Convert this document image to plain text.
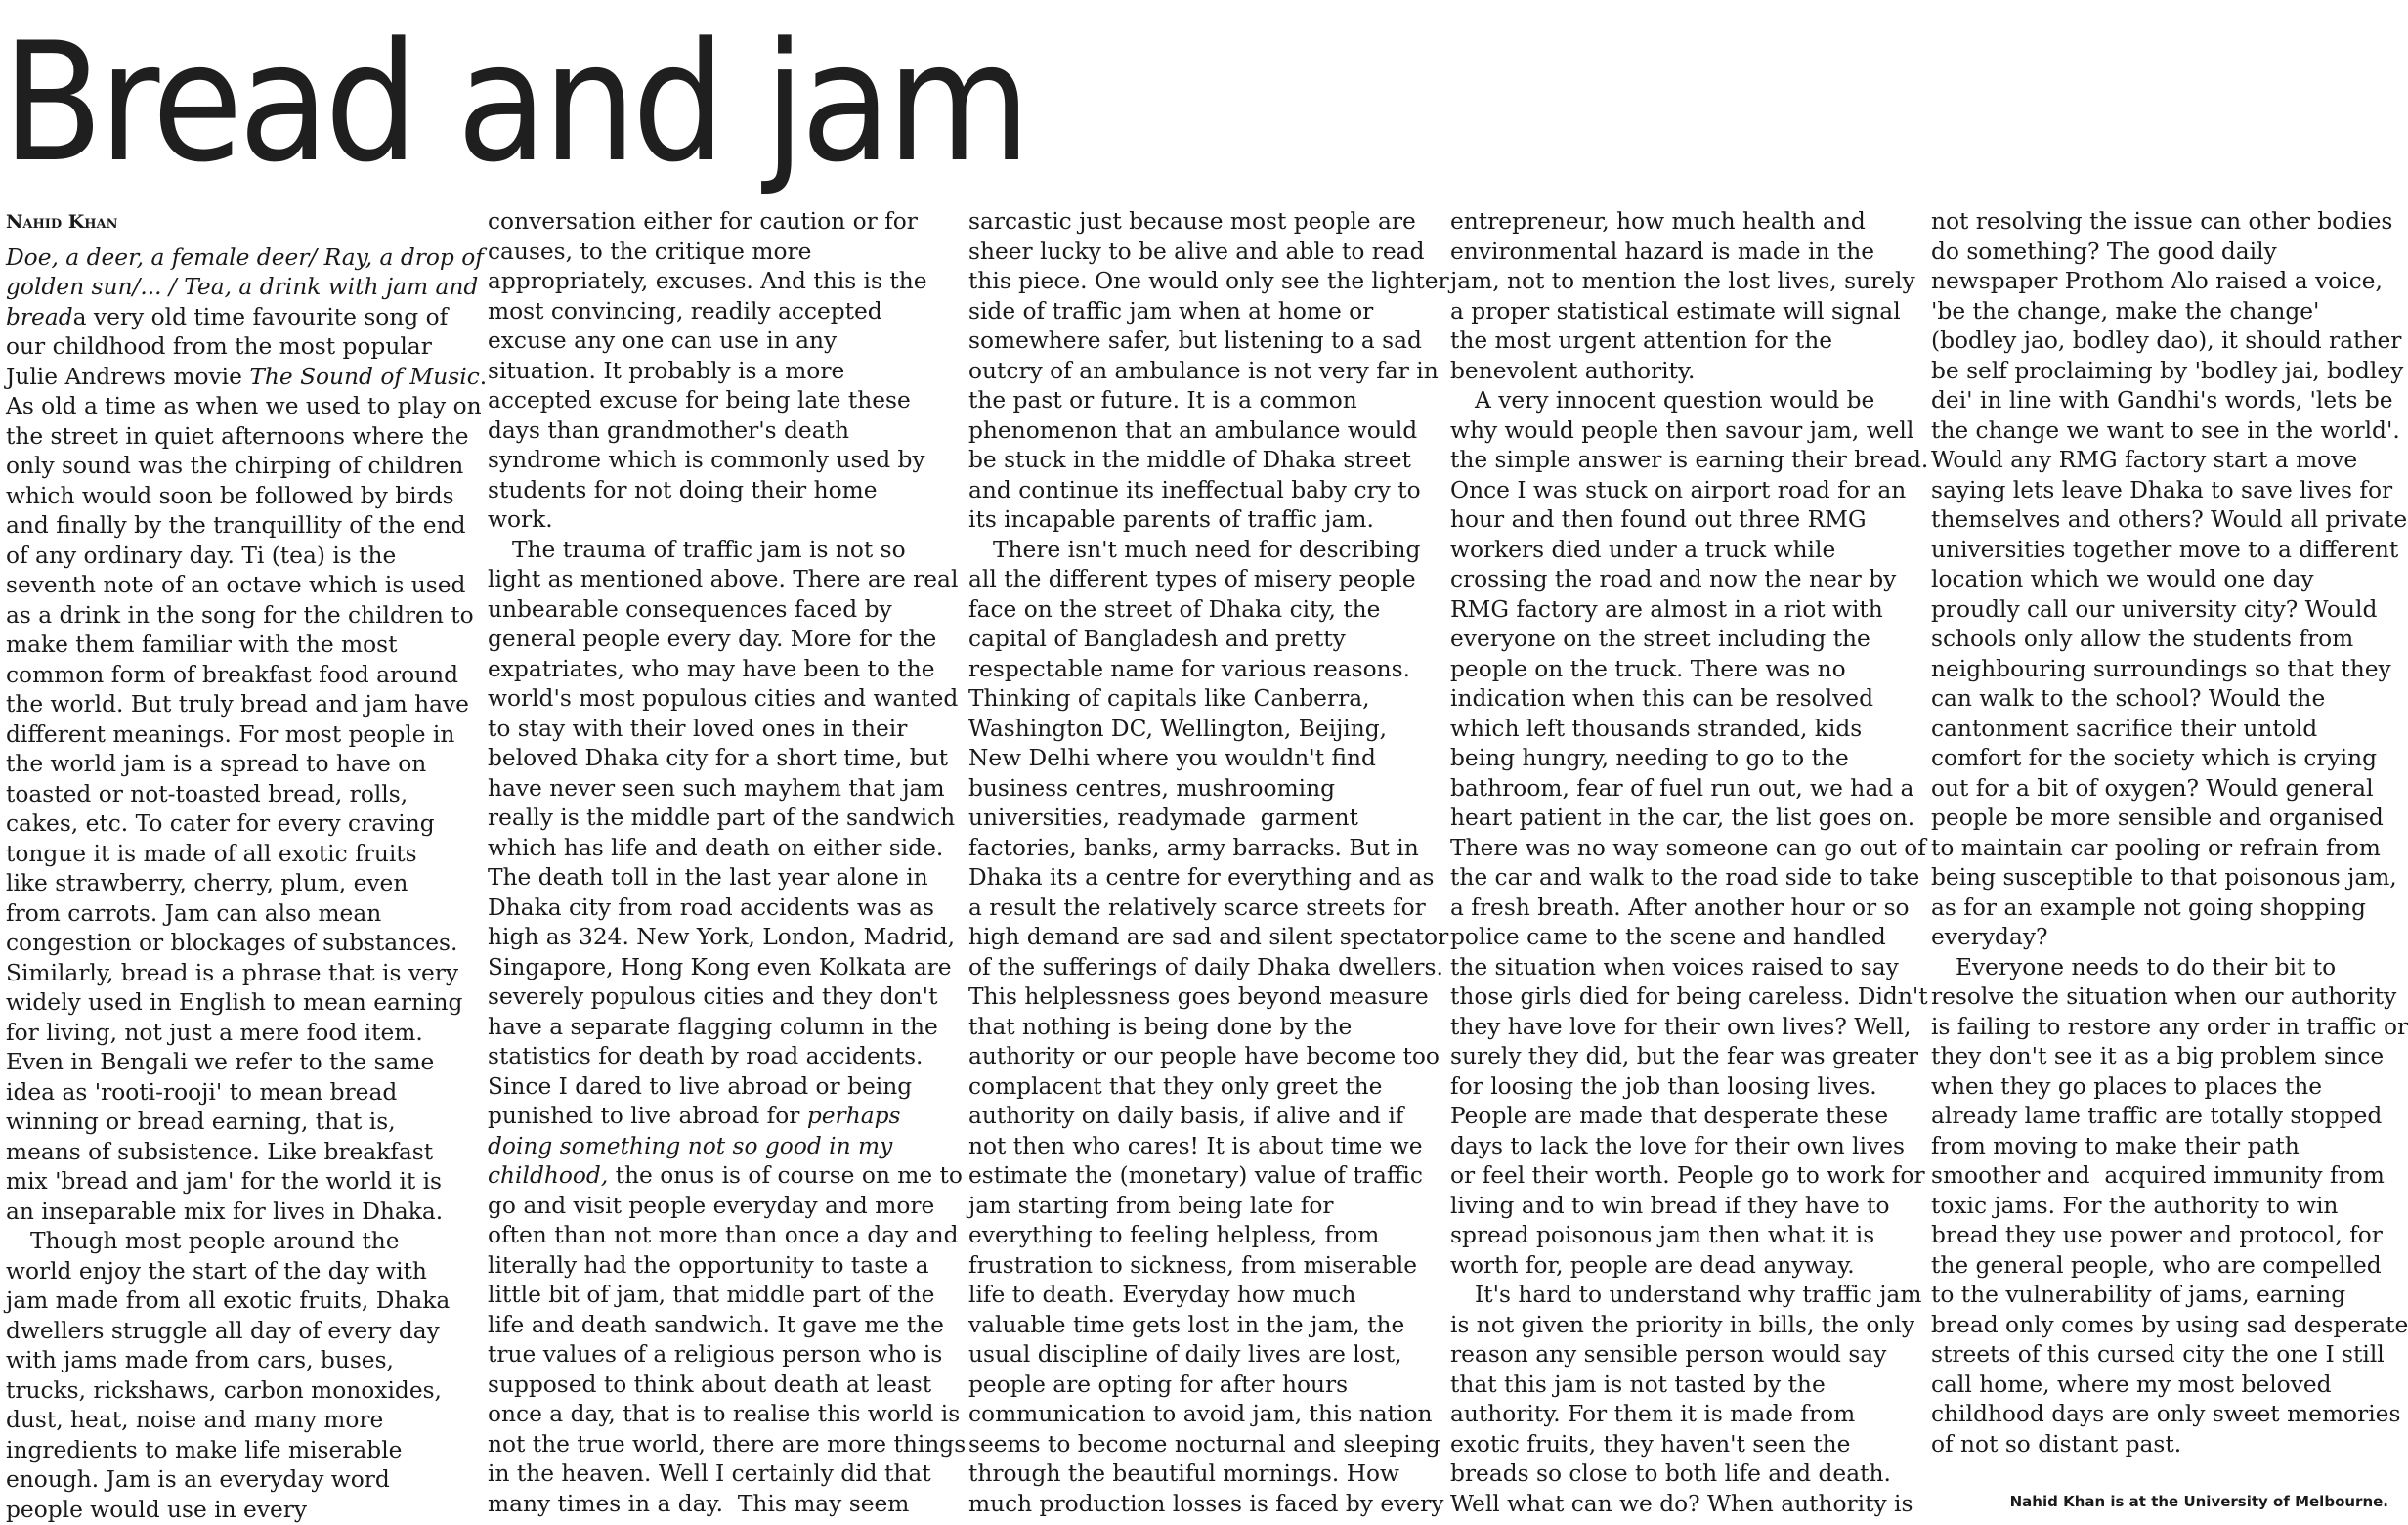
Bread and jam

Nahid Khan

Doe, a deer, a female deer/ Ray, a drop of
golden sun/... / Tea, a drink with jam and
breada very old time favourite song of
our childhood from the most popular
Julie Andrews movie The Sound of Music.
As old a time as when we used to play on
the street in quiet afternoons where the
only sound was the chirping of children
which would soon be followed by birds
and finally by the tranquillity of the end
of any ordinary day. Ti (tea) is the
seventh note of an octave which is used
as a drink in the song for the children to
make them familiar with the most
common form of breakfast food around
the world. But truly bread and jam have
different meanings. For most people in
the world jam is a spread to have on
toasted or not-toasted bread, rolls,
cakes, etc. To cater for every craving
tongue it is made of all exotic fruits
like strawberry, cherry, plum, even
from carrots. Jam can also mean
congestion or blockages of substances.
Similarly, bread is a phrase that is very
widely used in English to mean earning
for living, not just a mere food item.
Even in Bengali we refer to the same
idea as 'rooti-rooji' to mean bread
winning or bread earning, that is,
means of subsistence. Like breakfast
mix 'bread and jam' for the world it is
an inseparable mix for lives in Dhaka.

Though most people around the
world enjoy the start of the day with
jam made from all exotic fruits, Dhaka
dwellers struggle all day of every day
with jams made from cars, buses,
trucks, rickshaws, carbon monoxides,
dust, heat, noise and many more
ingredients to make life miserable
enough. Jam is an everyday word
people would use in every

conversation either for caution or for
causes, to the critique more
appropriately, excuses. And this is the
most convincing, readily accepted
excuse any one can use in any
situation. It probably is a more
accepted excuse for being late these
days than grandmother's death
syndrome which is commonly used by
students for not doing their home
work.

The trauma of traffic jam is not so
light as mentioned above. There are real
unbearable consequences faced by
general people every day. More for the
expatriates, who may have been to the
world's most populous cities and wanted
to stay with their loved ones in their
beloved Dhaka city for a short time, but
have never seen such mayhem that jam
really is the middle part of the sandwich
which has life and death on either side.
The death toll in the last year alone in
Dhaka city from road accidents was as
high as 324. New York, London, Madrid,
Singapore, Hong Kong even Kolkata are
severely populous cities and they don't
have a separate flagging column in the
statistics for death by road accidents.
Since I dared to live abroad or being
punished to live abroad for perhaps
doing something not so good in my
childhood, the onus is of course on me to
go and visit people everyday and more
often than not more than once a day and
literally had the opportunity to taste a
little bit of jam, that middle part of the
life and death sandwich. It gave me the
true values of a religious person who is
supposed to think about death at least
once a day, that is to realise this world is
not the true world, there are more things
in the heaven. Well I certainly did that
many times in a day.  This may seem

sarcastic just because most people are
sheer lucky to be alive and able to read
this piece. One would only see the lighter
side of traffic jam when at home or
somewhere safer, but listening to a sad
outcry of an ambulance is not very far in
the past or future. It is a common
phenomenon that an ambulance would
be stuck in the middle of Dhaka street
and continue its ineffectual baby cry to
its incapable parents of traffic jam.

There isn't much need for describing
all the different types of misery people
face on the street of Dhaka city, the
capital of Bangladesh and pretty
respectable name for various reasons.
Thinking of capitals like Canberra,
Washington DC, Wellington, Beijing,
New Delhi where you wouldn't find
business centres, mushrooming
universities, readymade  garment
factories, banks, army barracks. But in
Dhaka its a centre for everything and as
a result the relatively scarce streets for
high demand are sad and silent spectator
of the sufferings of daily Dhaka dwellers.
This helplessness goes beyond measure
that nothing is being done by the
authority or our people have become too
complacent that they only greet the
authority on daily basis, if alive and if
not then who cares! It is about time we
estimate the (monetary) value of traffic
jam starting from being late for
everything to feeling helpless, from
frustration to sickness, from miserable
life to death. Everyday how much
valuable time gets lost in the jam, the
usual discipline of daily lives are lost,
people are opting for after hours
communication to avoid jam, this nation
seems to become nocturnal and sleeping
through the beautiful mornings. How
much production losses is faced by every

entrepreneur, how much health and
environmental hazard is made in the
jam, not to mention the lost lives, surely
a proper statistical estimate will signal
the most urgent attention for the
benevolent authority.

A very innocent question would be
why would people then savour jam, well
the simple answer is earning their bread.
Once I was stuck on airport road for an
hour and then found out three RMG
workers died under a truck while
crossing the road and now the near by
RMG factory are almost in a riot with
everyone on the street including the
people on the truck. There was no
indication when this can be resolved
which left thousands stranded, kids
being hungry, needing to go to the
bathroom, fear of fuel run out, we had a
heart patient in the car, the list goes on.
There was no way someone can go out of
the car and walk to the road side to take
a fresh breath. After another hour or so
police came to the scene and handled
the situation when voices raised to say
those girls died for being careless. Didn't
they have love for their own lives? Well,
surely they did, but the fear was greater
for loosing the job than loosing lives.
People are made that desperate these
days to lack the love for their own lives
or feel their worth. People go to work for
living and to win bread if they have to
spread poisonous jam then what it is
worth for, people are dead anyway.

It's hard to understand why traffic jam
is not given the priority in bills, the only
reason any sensible person would say
that this jam is not tasted by the
authority. For them it is made from
exotic fruits, they haven't seen the
breads so close to both life and death.
Well what can we do? When authority is

not resolving the issue can other bodies
do something? The good daily
newspaper Prothom Alo raised a voice,
'be the change, make the change'
(bodley jao, bodley dao), it should rather
be self proclaiming by 'bodley jai, bodley
dei' in line with Gandhi's words, 'lets be
the change we want to see in the world'.
Would any RMG factory start a move
saying lets leave Dhaka to save lives for
themselves and others? Would all private
universities together move to a different
location which we would one day
proudly call our university city? Would
schools only allow the students from
neighbouring surroundings so that they
can walk to the school? Would the
cantonment sacrifice their untold
comfort for the society which is crying
out for a bit of oxygen? Would general
people be more sensible and organised
to maintain car pooling or refrain from
being susceptible to that poisonous jam,
as for an example not going shopping
everyday?

Everyone needs to do their bit to
resolve the situation when our authority
is failing to restore any order in traffic or
they don't see it as a big problem since
when they go places to places the
already lame traffic are totally stopped
from moving to make their path
smoother and  acquired immunity from
toxic jams. For the authority to win
bread they use power and protocol, for
the general people, who are compelled
to the vulnerability of jams, earning
bread only comes by using sad desperate
streets of this cursed city the one I still
call home, where my most beloved
childhood days are only sweet memories
of not so distant past.

Nahid Khan is at the University of Melbourne.
